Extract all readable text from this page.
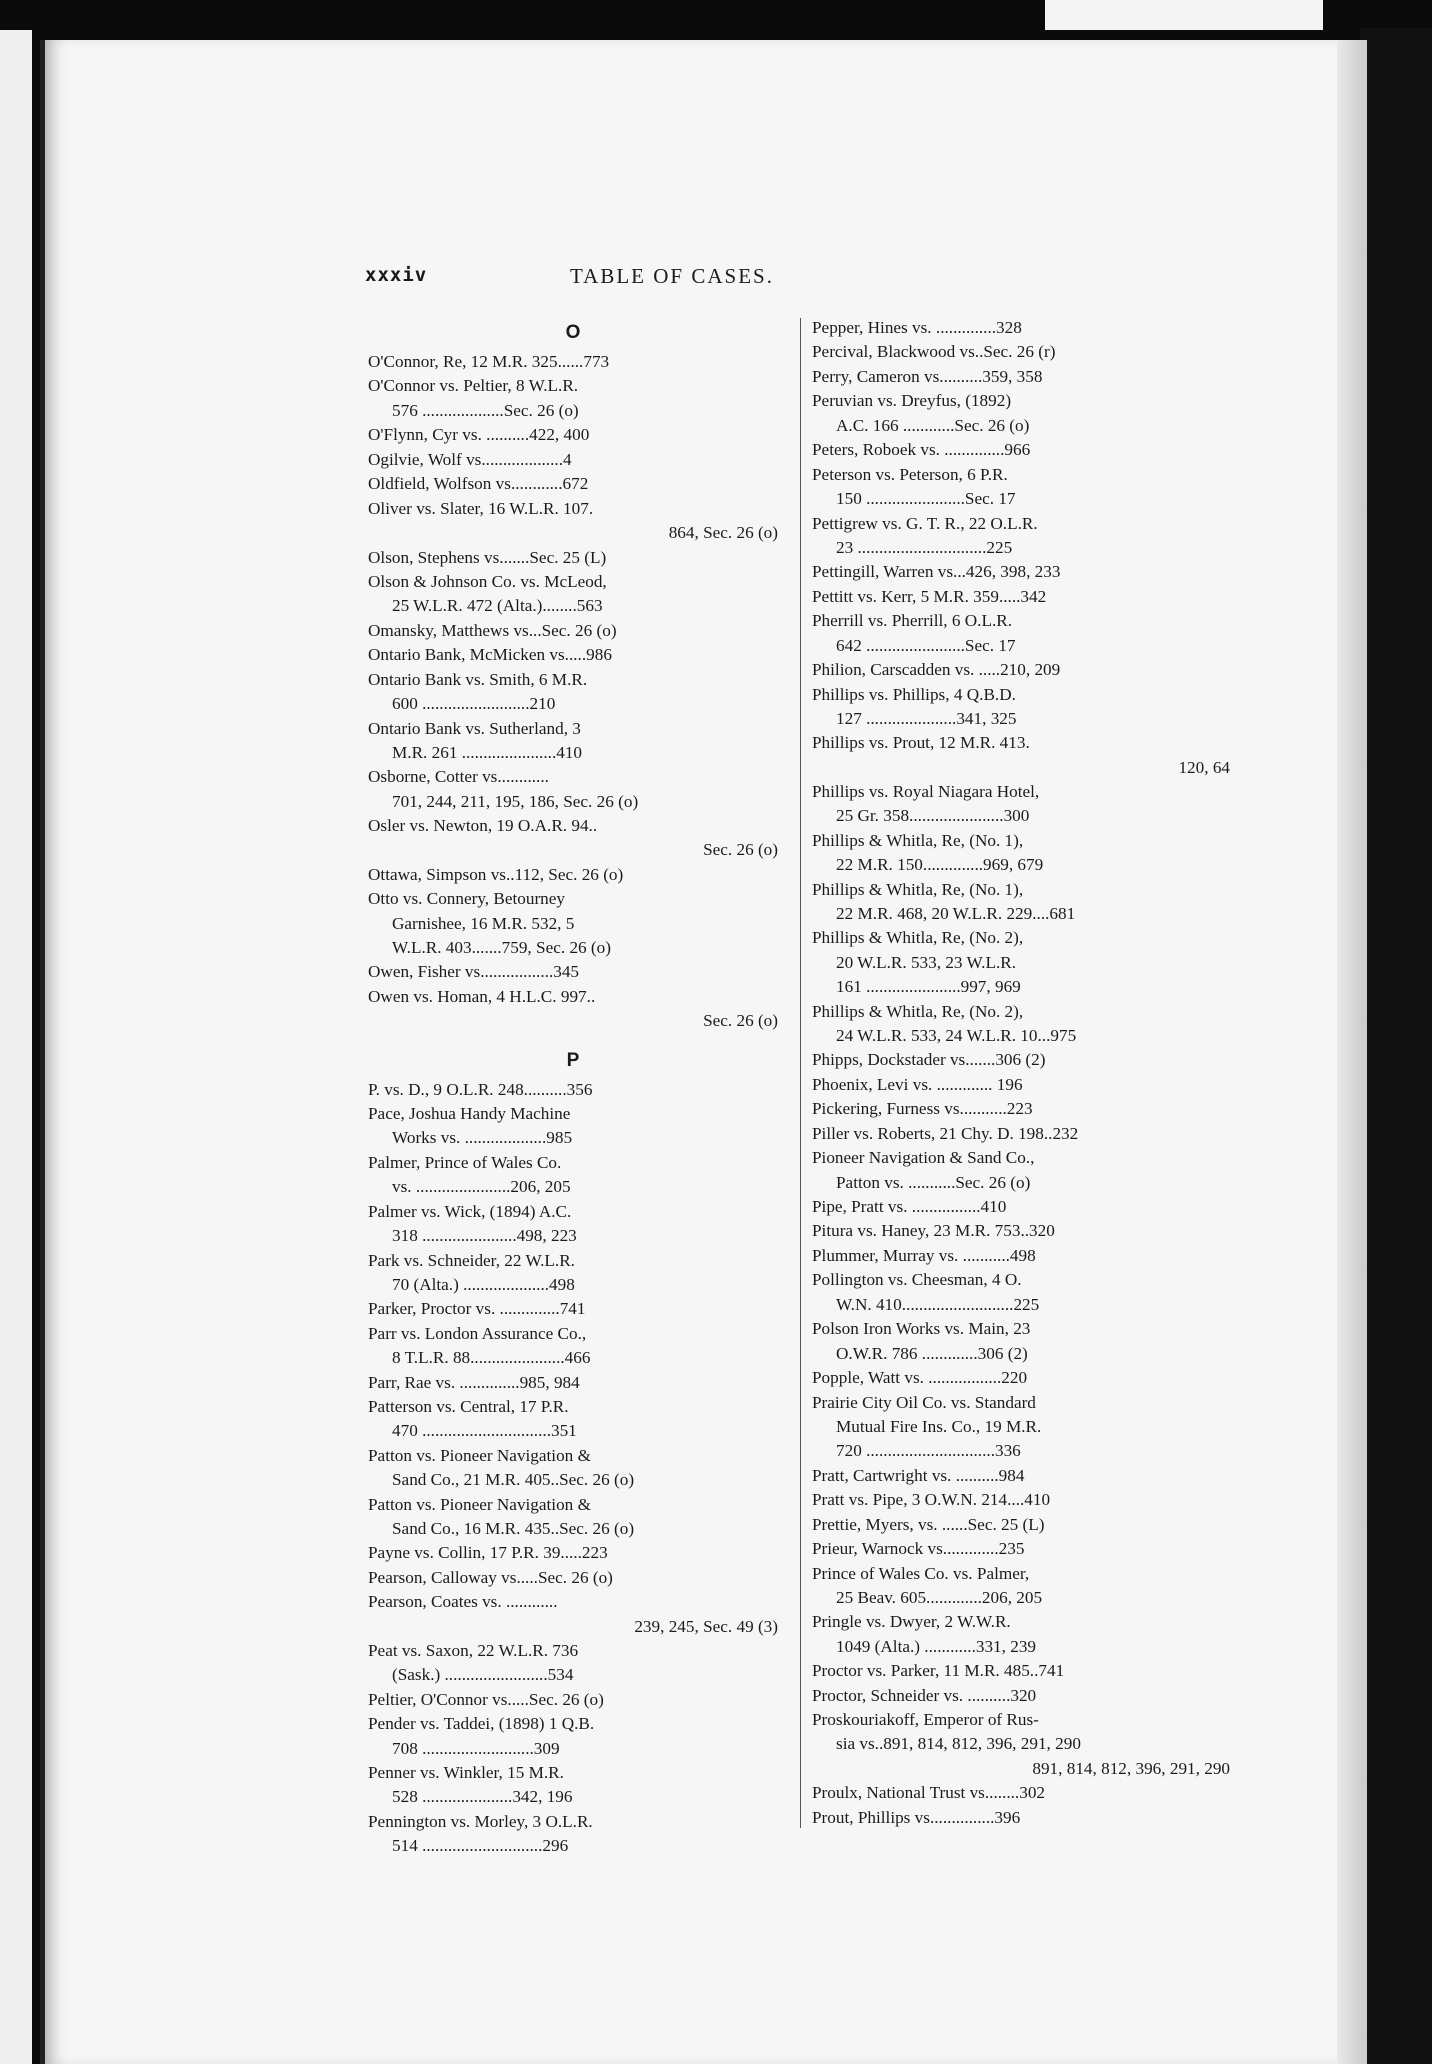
xxxiv	TABLE OF CASES.
O
O'Connor, Re, 12 M.R. 325......773
O'Connor vs. Peltier, 8 W.L.R.
576 ...................Sec. 26 (o)
O'Flynn, Cyr vs. ..........422, 400
Ogilvie, Wolf vs...................4
Oldfield, Wolfson vs............672
Oliver vs. Slater, 16 W.L.R. 107.
864, Sec. 26 (o)
Olson, Stephens vs.......Sec. 25 (L)
Olson & Johnson Co. vs. McLeod,
25 W.L.R. 472 (Alta.)........563
Omansky, Matthews vs...Sec. 26 (o)
Ontario Bank, McMicken vs.....986
Ontario Bank vs. Smith, 6 M.R.
600 .........................210
Ontario Bank vs. Sutherland, 3
M.R. 261 ......................410
Osborne, Cotter vs............
701, 244, 211, 195, 186, Sec. 26 (o)
Osler vs. Newton, 19 O.A.R. 94..
Sec. 26 (o)
Ottawa, Simpson vs..112, Sec. 26 (o)
Otto vs. Connery, Betourney
Garnishee, 16 M.R. 532, 5
W.L.R. 403.......759, Sec. 26 (o)
Owen, Fisher vs.................345
Owen vs. Homan, 4 H.L.C. 997..
Sec. 26 (o)
P
P. vs. D., 9 O.L.R. 248..........356
Pace, Joshua Handy Machine
Works vs. ...................985
Palmer, Prince of Wales Co.
vs. ......................206, 205
Palmer vs. Wick, (1894) A.C.
318 ......................498, 223
Park vs. Schneider, 22 W.L.R.
70 (Alta.) ....................498
Parker, Proctor vs. ..............741
Parr vs. London Assurance Co.,
8 T.L.R. 88......................466
Parr, Rae vs. ..............985, 984
Patterson vs. Central, 17 P.R.
470 ..............................351
Patton vs. Pioneer Navigation &
Sand Co., 21 M.R. 405..Sec. 26 (o)
Patton vs. Pioneer Navigation &
Sand Co., 16 M.R. 435..Sec. 26 (o)
Payne vs. Collin, 17 P.R. 39.....223
Pearson, Calloway vs.....Sec. 26 (o)
Pearson, Coates vs. ............
239, 245, Sec. 49 (3)
Peat vs. Saxon, 22 W.L.R. 736
(Sask.) ........................534
Peltier, O'Connor vs.....Sec. 26 (o)
Pender vs. Taddei, (1898) 1 Q.B.
708 ..........................309
Penner vs. Winkler, 15 M.R.
528 .....................342, 196
Pennington vs. Morley, 3 O.L.R.
514 ............................296
Pepper, Hines vs. ..............328
Percival, Blackwood vs..Sec. 26 (r)
Perry, Cameron vs..........359, 358
Peruvian vs. Dreyfus, (1892)
A.C. 166 ............Sec. 26 (o)
Peters, Roboek vs. ..............966
Peterson vs. Peterson, 6 P.R.
150 .......................Sec. 17
Pettigrew vs. G. T. R., 22 O.L.R.
23 ..............................225
Pettingill, Warren vs...426, 398, 233
Pettitt vs. Kerr, 5 M.R. 359.....342
Pherrill vs. Pherrill, 6 O.L.R.
642 .......................Sec. 17
Philion, Carscadden vs. .....210, 209
Phillips vs. Phillips, 4 Q.B.D.
127 .....................341, 325
Phillips vs. Prout, 12 M.R. 413.
120, 64
Phillips vs. Royal Niagara Hotel,
25 Gr. 358......................300
Phillips & Whitla, Re, (No. 1),
22 M.R. 150..............969, 679
Phillips & Whitla, Re, (No. 1),
22 M.R. 468, 20 W.L.R. 229....681
Phillips & Whitla, Re, (No. 2),
20 W.L.R. 533, 23 W.L.R.
161 ......................997, 969
Phillips & Whitla, Re, (No. 2),
24 W.L.R. 533, 24 W.L.R. 10...975
Phipps, Dockstader vs.......306 (2)
Phoenix, Levi vs. ............. 196
Pickering, Furness vs...........223
Piller vs. Roberts, 21 Chy. D. 198..232
Pioneer Navigation & Sand Co.,
Patton vs. ...........Sec. 26 (o)
Pipe, Pratt vs. ................410
Pitura vs. Haney, 23 M.R. 753..320
Plummer, Murray vs. ...........498
Pollington vs. Cheesman, 4 O.
W.N. 410..........................225
Polson Iron Works vs. Main, 23
O.W.R. 786 .............306 (2)
Popple, Watt vs. .................220
Prairie City Oil Co. vs. Standard
Mutual Fire Ins. Co., 19 M.R.
720 ..............................336
Pratt, Cartwright vs. ..........984
Pratt vs. Pipe, 3 O.W.N. 214....410
Prettie, Myers, vs. ......Sec. 25 (L)
Prieur, Warnock vs.............235
Prince of Wales Co. vs. Palmer,
25 Beav. 605.............206, 205
Pringle vs. Dwyer, 2 W.W.R.
1049 (Alta.) ............331, 239
Proctor vs. Parker, 11 M.R. 485..741
Proctor, Schneider vs. ..........320
Proskouriakoff, Emperor of Rus-
sia vs..891, 814, 812, 396, 291, 290
891, 814, 812, 396, 291, 290
Proulx, National Trust vs........302
Prout, Phillips vs...............396
